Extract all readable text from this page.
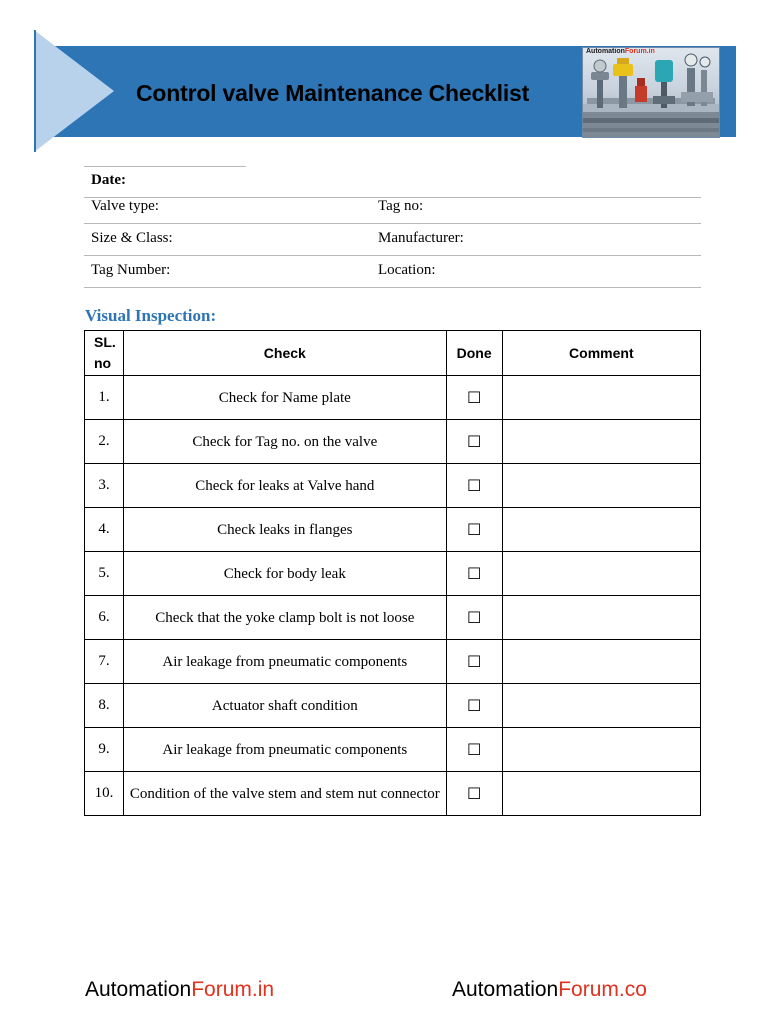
Control valve Maintenance Checklist
AutomationForum.in
Date:
Valve type:	Tag no:
Size & Class:	Manufacturer:
Tag Number:	Location:
Visual Inspection:
SL.
no	Check	Done	Comment
1.	Check for Name plate	☐	
2.	Check for Tag no. on the valve	☐	
3.	Check for leaks at Valve hand	☐	
4.	Check leaks in flanges	☐	
5.	Check for body leak	☐	
6.	Check that the yoke clamp bolt is not loose	☐	
7.	Air leakage from pneumatic components	☐	
8.	Actuator shaft condition	☐	
9.	Air leakage from pneumatic components	☐	
10.	Condition of the valve stem and stem nut connector	☐	
AutomationForum.in	AutomationForum.co
